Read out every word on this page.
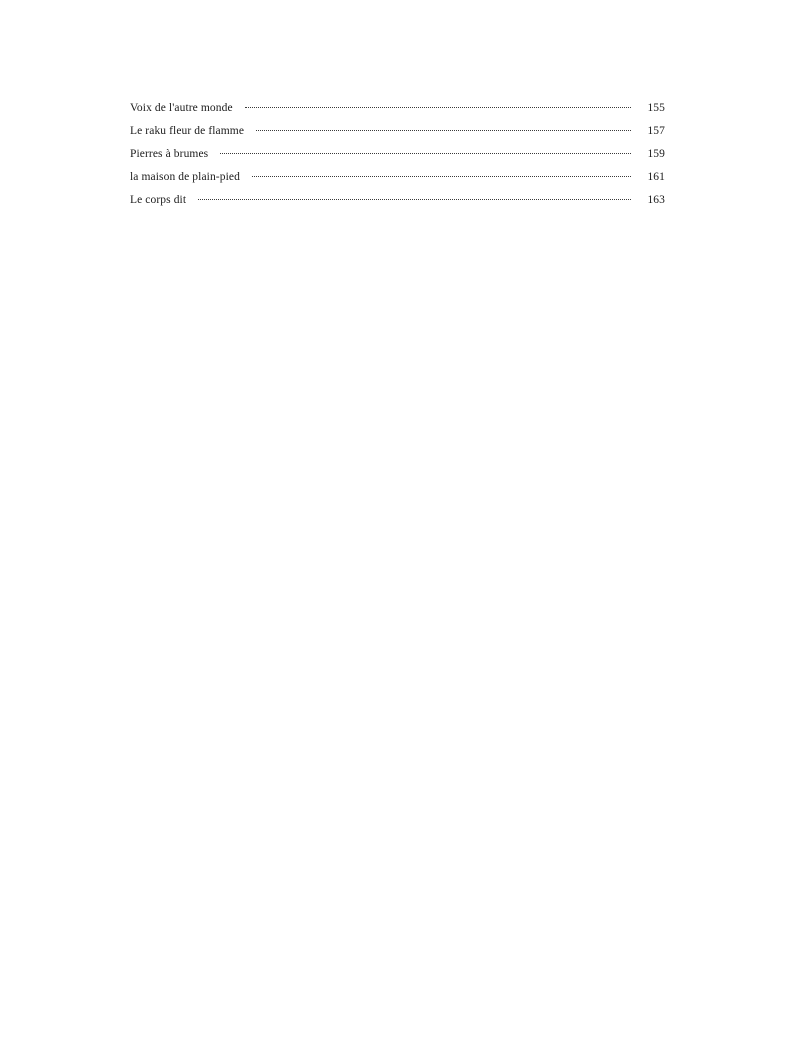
Voix de l'autre monde	155
Le raku fleur de flamme	157
Pierres à brumes	159
la maison de plain-pied	161
Le corps dit	163
